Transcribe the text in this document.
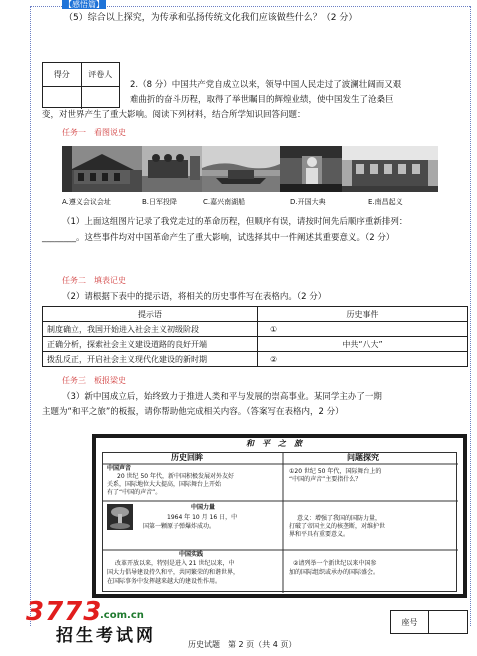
【感悟篇】
（5）综合以上探究，为传承和弘扬传统文化我们应该做些什么？（2 分）
得分	评卷人
2.（8 分）中国共产党自成立以来，领导中国人民走过了波澜壮阔而又艰
难曲折的奋斗历程，取得了举世瞩目的辉煌业绩，使中国发生了沧桑巨
变，对世界产生了重大影响。阅读下列材料，结合所学知识回答问题：
任务一　看图说史
A.遵义会议会址	B.日军投降	C.嘉兴南湖船	D.开国大典	E.南昌起义
（1）上面这组图片记录了我党走过的革命历程，但顺序有误，请按时间先后顺序重新排列：
________。这些事件均对中国革命产生了重大影响，试选择其中一件阐述其重要意义。（2 分）
任务二　填表记史
（2）请根据下表中的提示语，将相关的历史事件写在表格内。（2 分）
提示语	历史事件
制度确立，我国开始进入社会主义初级阶段	①
正确分析，探索社会主义建设道路的良好开端	中共“八大”
拨乱反正，开启社会主义现代化建设的新时期	②
任务三　板报梁史
（3）新中国成立后，始终致力于推进人类和平与发展的崇高事业。某同学主办了一期
主题为“和平之旅”的板报，请你帮助他完成相关内容。（答案写在表格内，2 分）
和　平　之　旅
历史回眸	问题探究
中国声音
20 世纪 50 年代，新中国积极发展对外友好
关系，国际地位大大提高，国际舞台上开始
有了“中国的声音”。
①20 世纪 50 年代，国际舞台上的
“中国的声音”主要指什么？
中国力量
1964 年 10 月 16 日，中
国第一颗原子弹爆炸成功。
意义：增强了我国的国防力量，
打破了帝国主义的核垄断，对维护世
界和平具有重要意义。
中国实践
改革开放以来，特别是进入 21 世纪以来，中
国大力倡导建设持久和平，共同繁荣的和谐世界，
在国际事务中发挥越来越大的建设性作用。
②请列举一个新世纪以来中国参
加的国际组织或承办的国际盛会。
历史试题　第 2 页（共 4 页）
座号
3773
.com.cn
招生考试网
